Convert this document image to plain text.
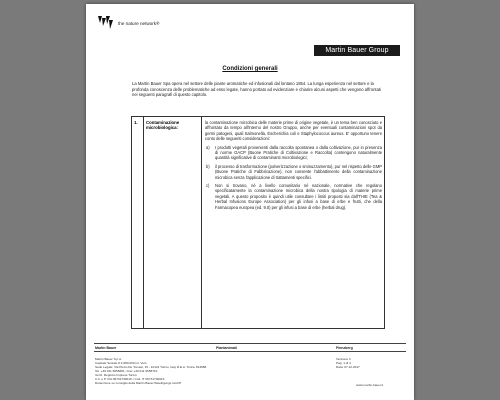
the nature network®
Martin Bauer Group
Condizioni generali

La Martin Bauer Spa opera nel settore delle piante aromatiche ed infusionali dal lontano 1854. La lunga esperienza nel settore e la profonda conoscenza delle problematiche ad esso legate, hanno portato ad evidenziare e chiarire alcuni aspetti che vengono affrontati nei seguenti paragrafi di questo capitolo.

1. Contaminazione microbiologica:

la contaminazione microbica delle materie prime di origine vegetale, è un tema ben conosciuto e affrontato da tempo all'interno del nostro Gruppo, anche per eventuali contaminazioni spot da germi patogeni, quali Salmonella, Escherichia coli e Staphylococcus aureus. E' opportuno tenere conto delle seguenti considerazioni:

a)	I prodotti vegetali provenienti dalla raccolta spontanea o dalla coltivazione, pur in presenza di norme GACP (Buone Pratiche di Coltivazione e Raccolta) contengono naturalmente quantità significative di contaminanti microbiologici;
b)	il processo di trasformazione (polverizzazione o sminuzzamento), pur nel rispetto delle GMP (Buone Pratiche di Fabbricazione), non consente l'abbattimento della contaminazione microbica senza l'applicazione di trattamenti specifici.
c)	Non si trovano, né a livello comunitario né nazionale, normative che regolano specificatamente la contaminazione microbica della nostra tipologia di materie prime vegetali. A questo proposito è quindi utile consultare i limiti proposti sia dall'THIE (Tea & Herbal Infusions Europe Association) per gli infusi a base di erbe e frutti, che della Farmacopea europea (ed. 9.0) per gli infusi a base di erbe (herbal drug).
Martin Bauer	Plantanimati	Pienzberg
Martin Bauer S.p.A.
Capitale Sociale € 4.680.000 int. Vers.
Sede Legale: Via Pietro De Tomasi, 15 - 10121 Torino, Italy R.E.A. Torino 813988
Tel. +39 011 6656681 • Fax +39 011 6658710
Iscriz. Registro Imprese Torino
C.F. e P. IVA 06731730016 • Cod. IT 06731730016
Detenzione su consiglio della Martin Bauer Beteiligungs GmbH
Versione 3
Pag. 1 di 4
Data: 07.12.2017
www.martin-bauer.it
